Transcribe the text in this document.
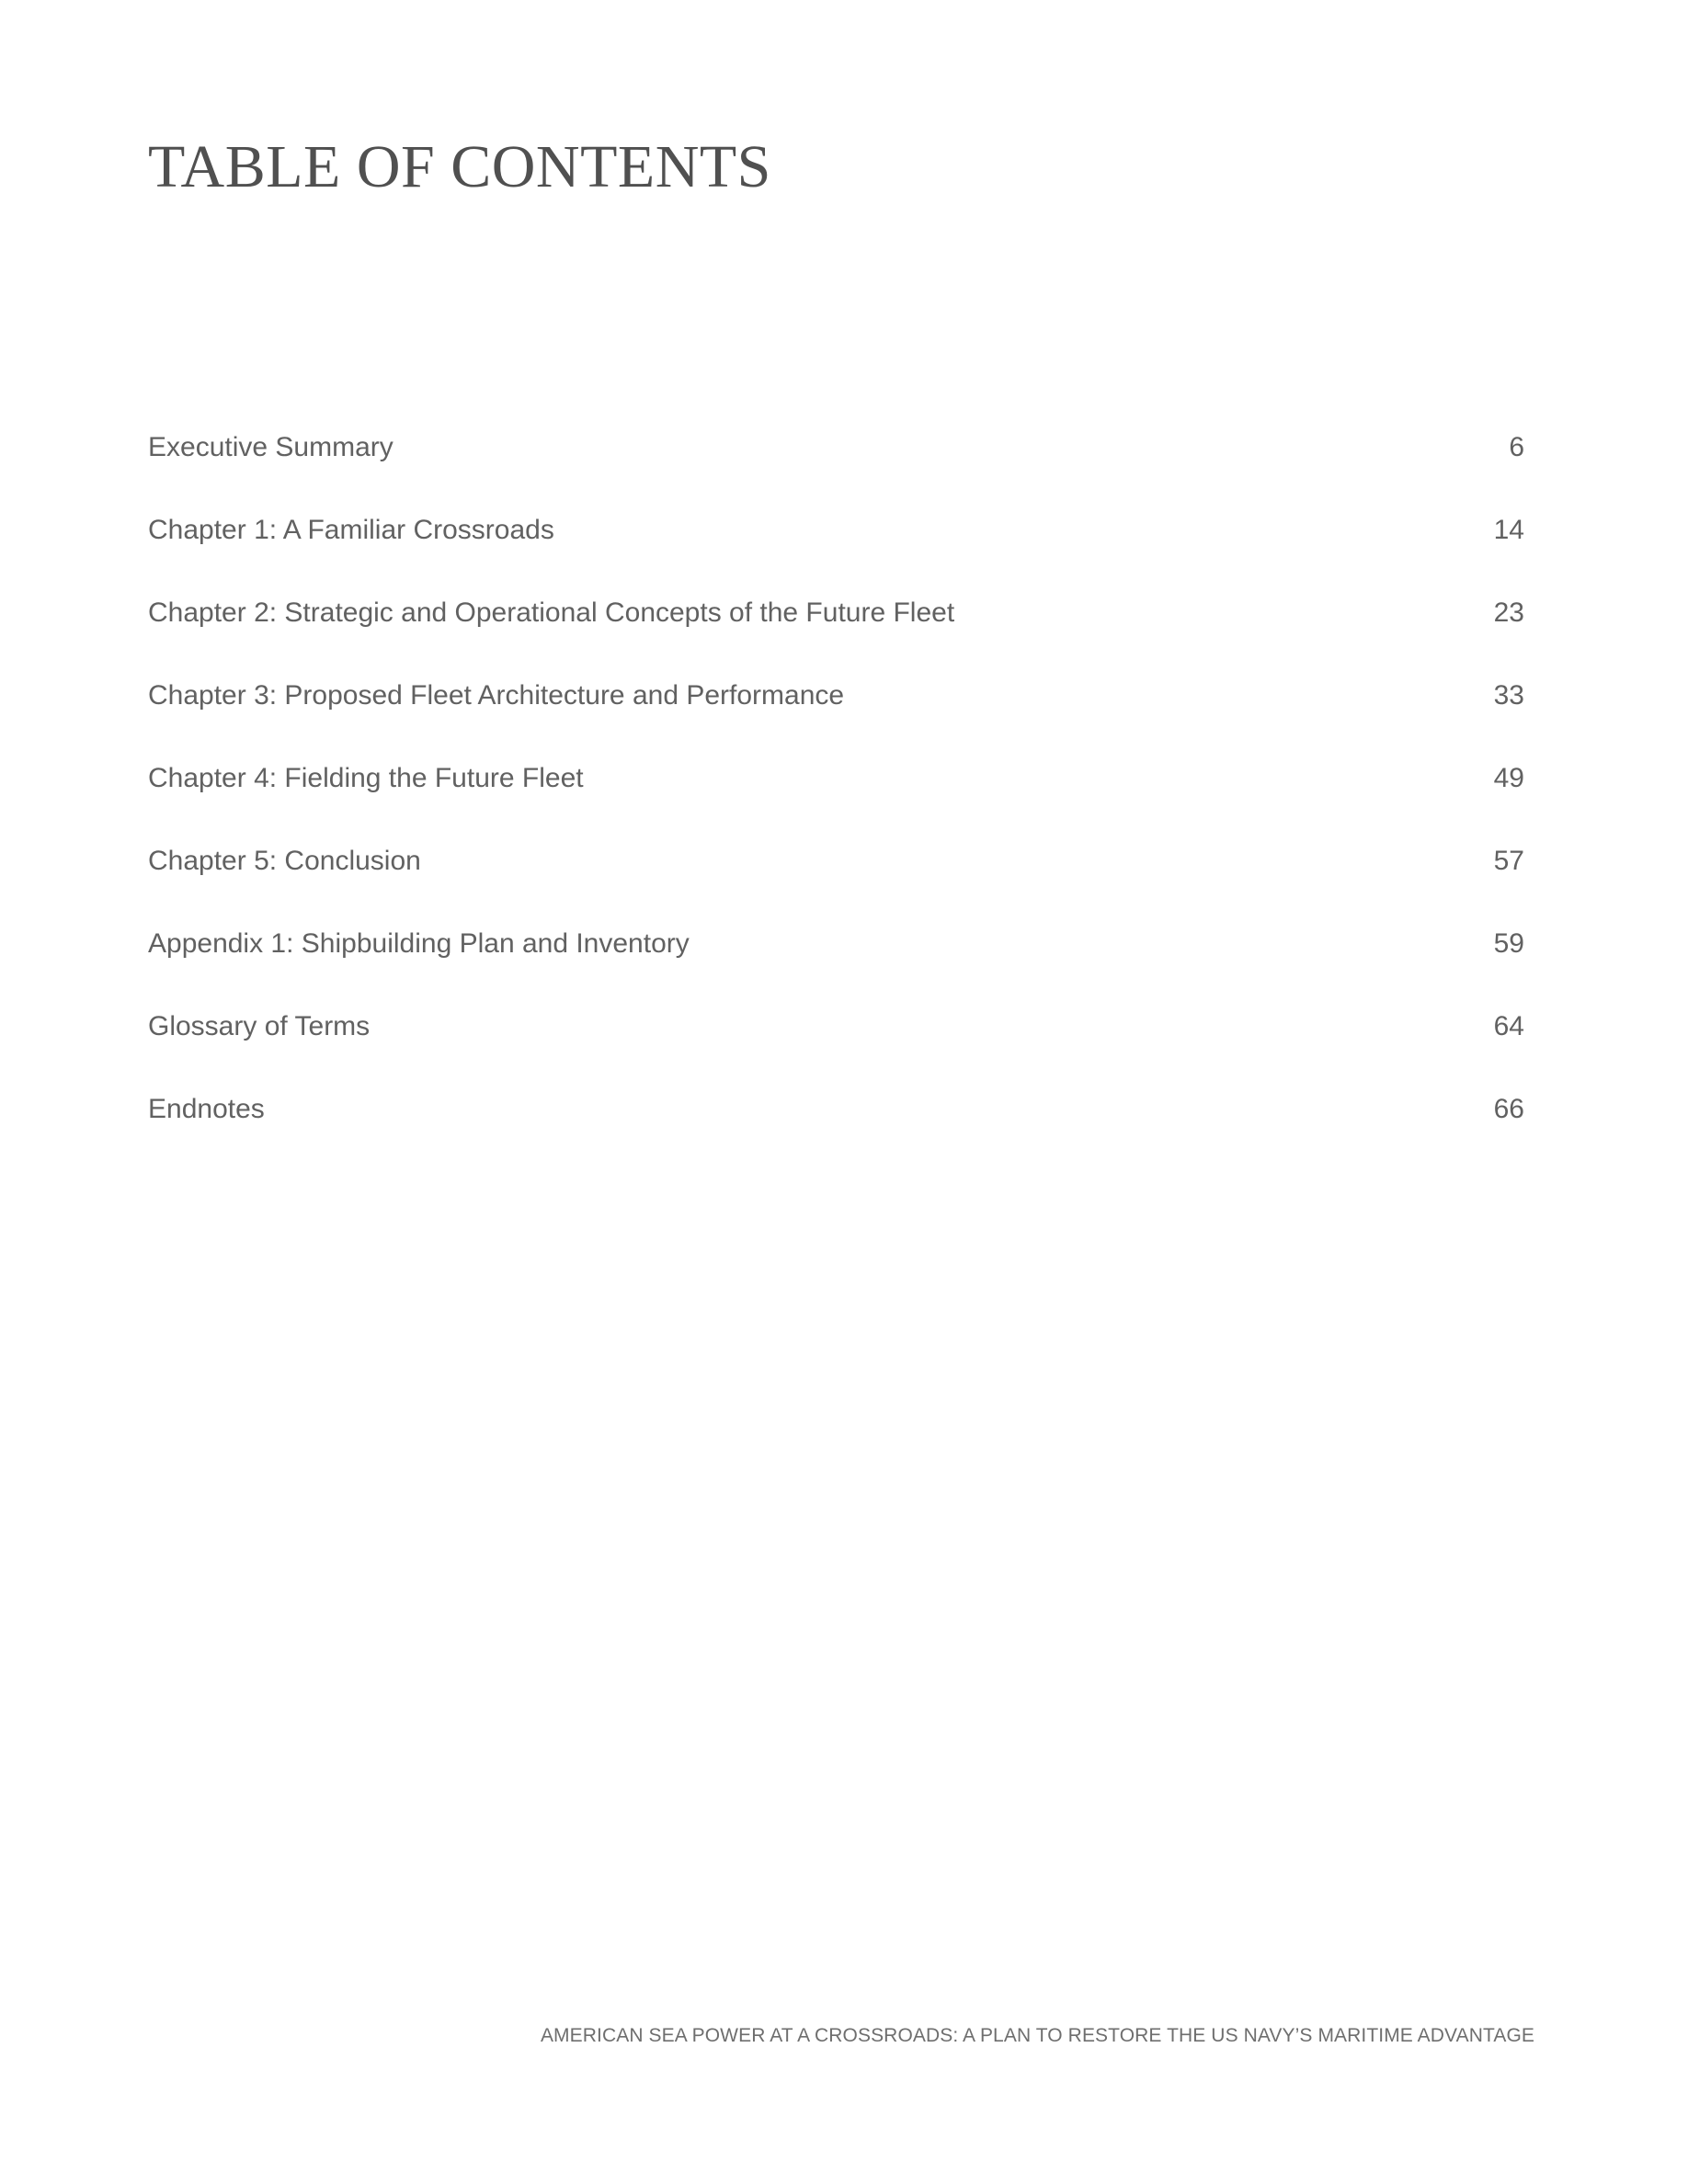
TABLE OF CONTENTS
Executive Summary	6
Chapter 1: A Familiar Crossroads	14
Chapter 2: Strategic and Operational Concepts of the Future Fleet	23
Chapter 3: Proposed Fleet Architecture and Performance	33
Chapter 4: Fielding the Future Fleet	49
Chapter 5: Conclusion	57
Appendix 1: Shipbuilding Plan and Inventory	59
Glossary of Terms	64
Endnotes	66
AMERICAN SEA POWER AT A CROSSROADS: A PLAN TO RESTORE THE US NAVY’S MARITIME ADVANTAGE
